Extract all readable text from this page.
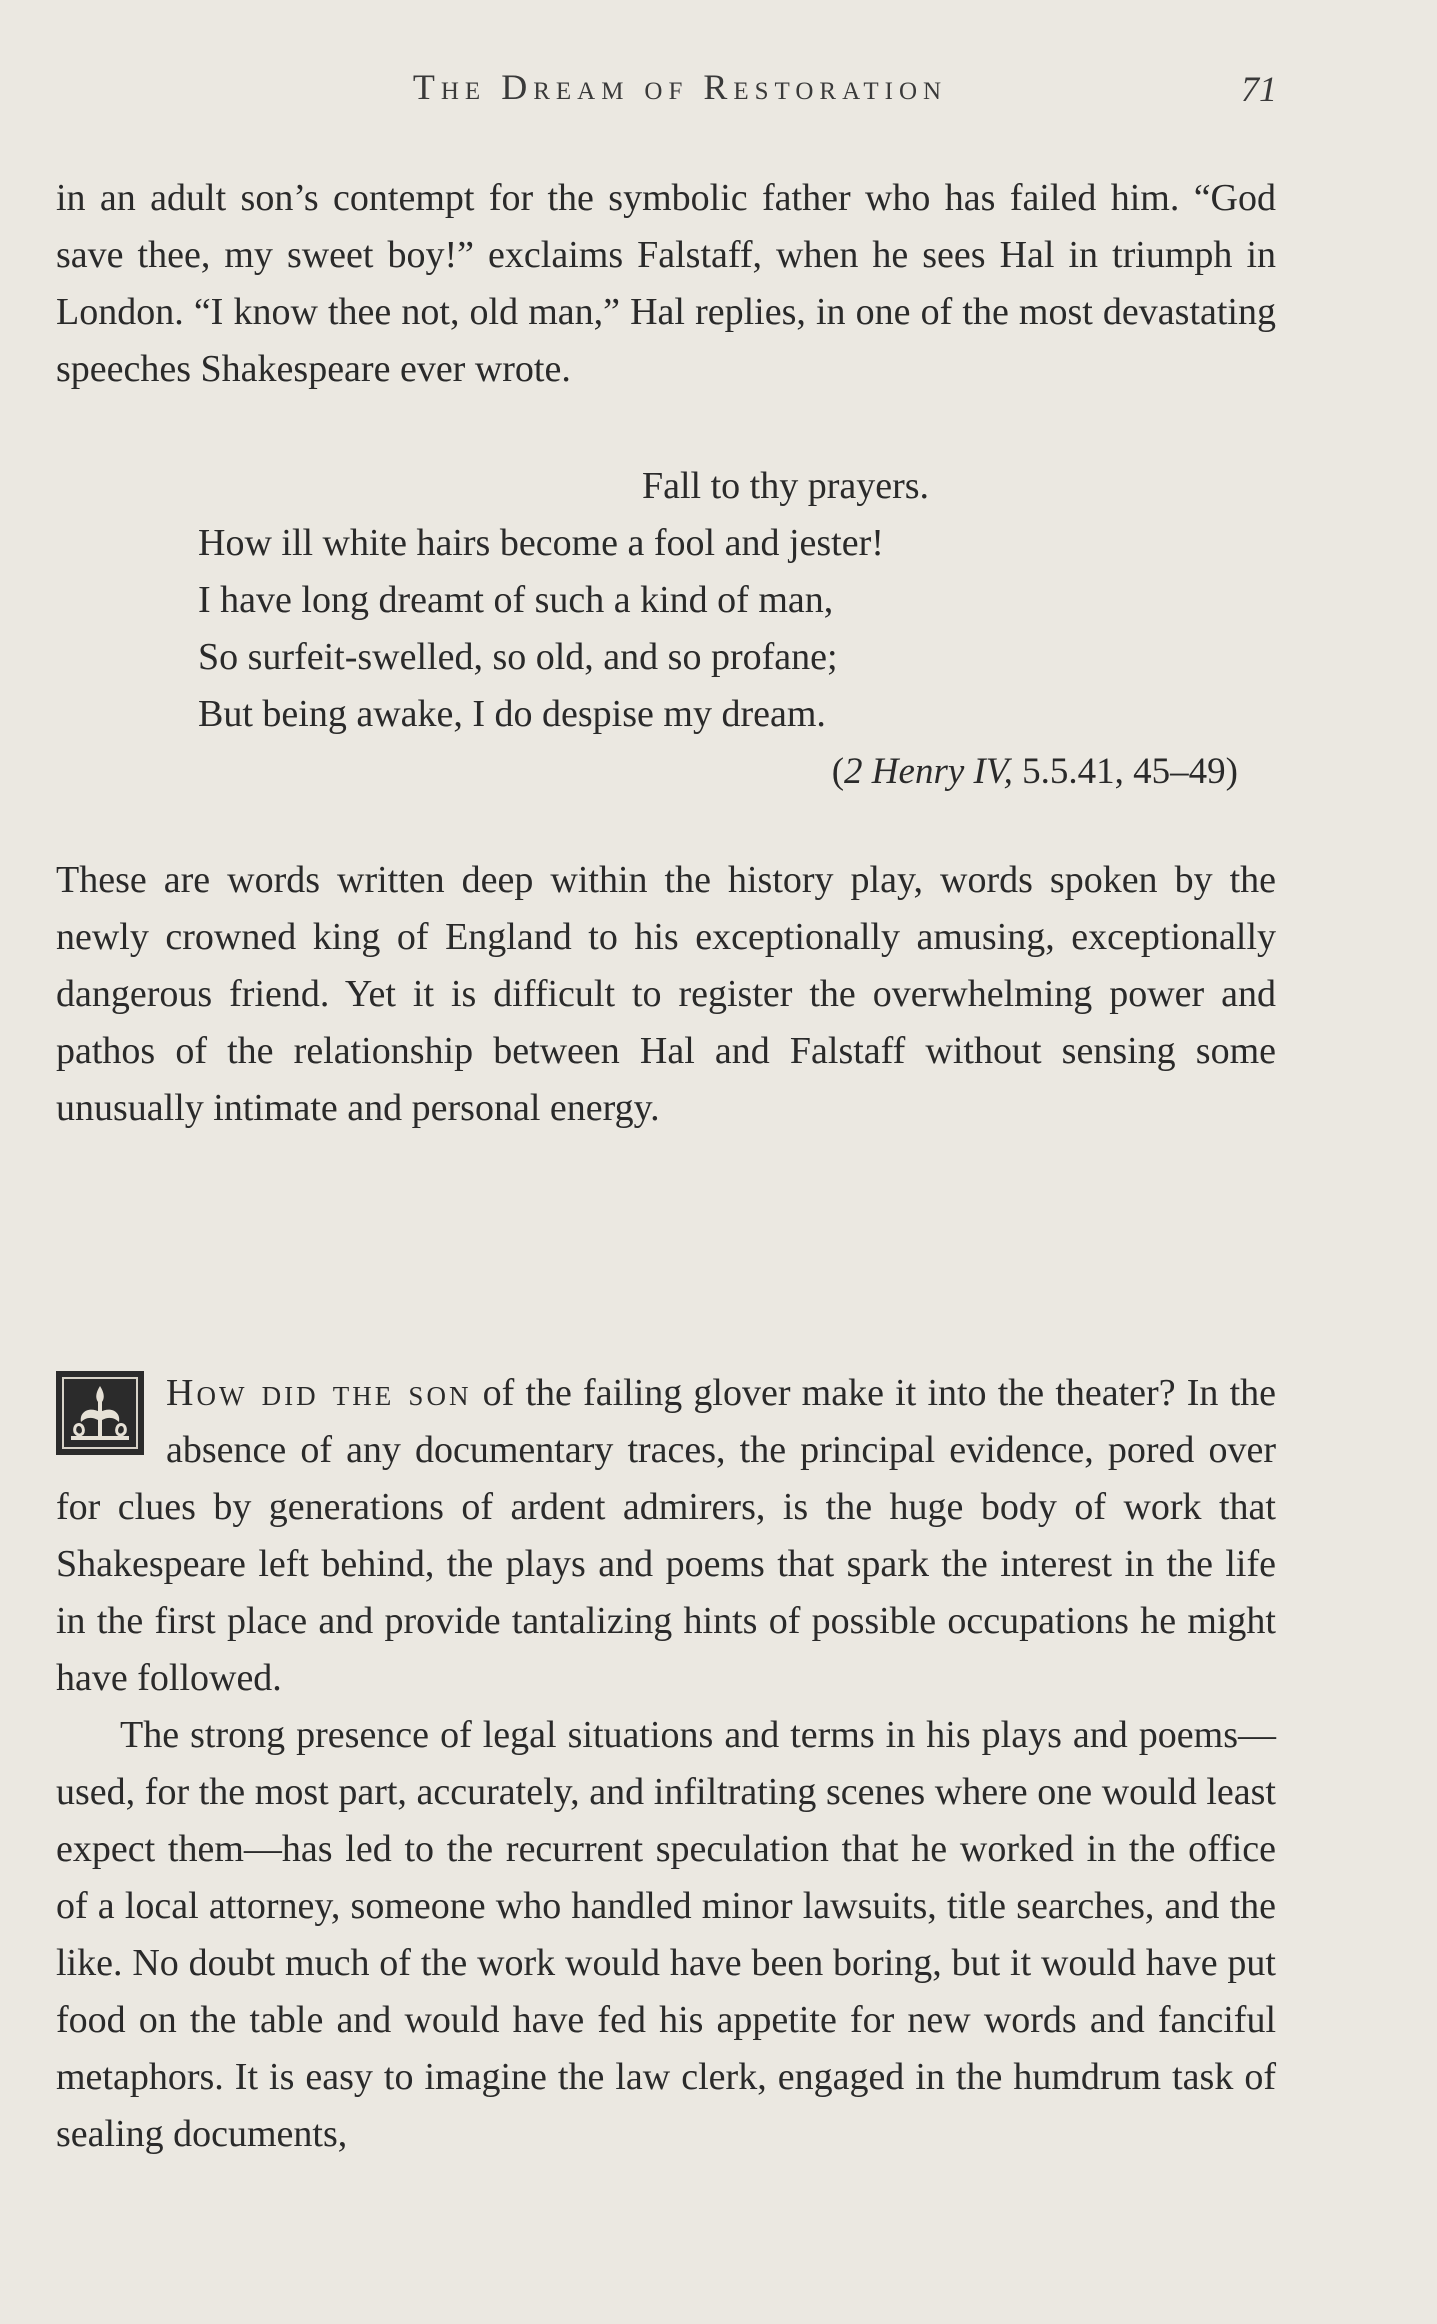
The Dream of Restoration	71

in an adult son’s contempt for the symbolic father who has failed him. “God save thee, my sweet boy!” exclaims Falstaff, when he sees Hal in triumph in London. “I know thee not, old man,” Hal replies, in one of the most devastating speeches Shakespeare ever wrote.

Fall to thy prayers.
How ill white hairs become a fool and jester!
I have long dreamt of such a kind of man,
So surfeit-swelled, so old, and so profane;
But being awake, I do despise my dream.
(2 Henry IV, 5.5.41, 45–49)

These are words written deep within the history play, words spoken by the newly crowned king of England to his exceptionally amusing, exceptionally dangerous friend. Yet it is difficult to register the overwhelming power and pathos of the relationship between Hal and Falstaff without sensing some unusually intimate and personal energy.

How did the son of the failing glover make it into the theater? In the absence of any documentary traces, the principal evidence, pored over for clues by generations of ardent admirers, is the huge body of work that Shakespeare left behind, the plays and poems that spark the interest in the life in the first place and provide tantalizing hints of possible occupations he might have followed.

The strong presence of legal situations and terms in his plays and poems—used, for the most part, accurately, and infiltrating scenes where one would least expect them—has led to the recurrent speculation that he worked in the office of a local attorney, someone who handled minor lawsuits, title searches, and the like. No doubt much of the work would have been boring, but it would have put food on the table and would have fed his appetite for new words and fanciful metaphors. It is easy to imagine the law clerk, engaged in the humdrum task of sealing documents,
